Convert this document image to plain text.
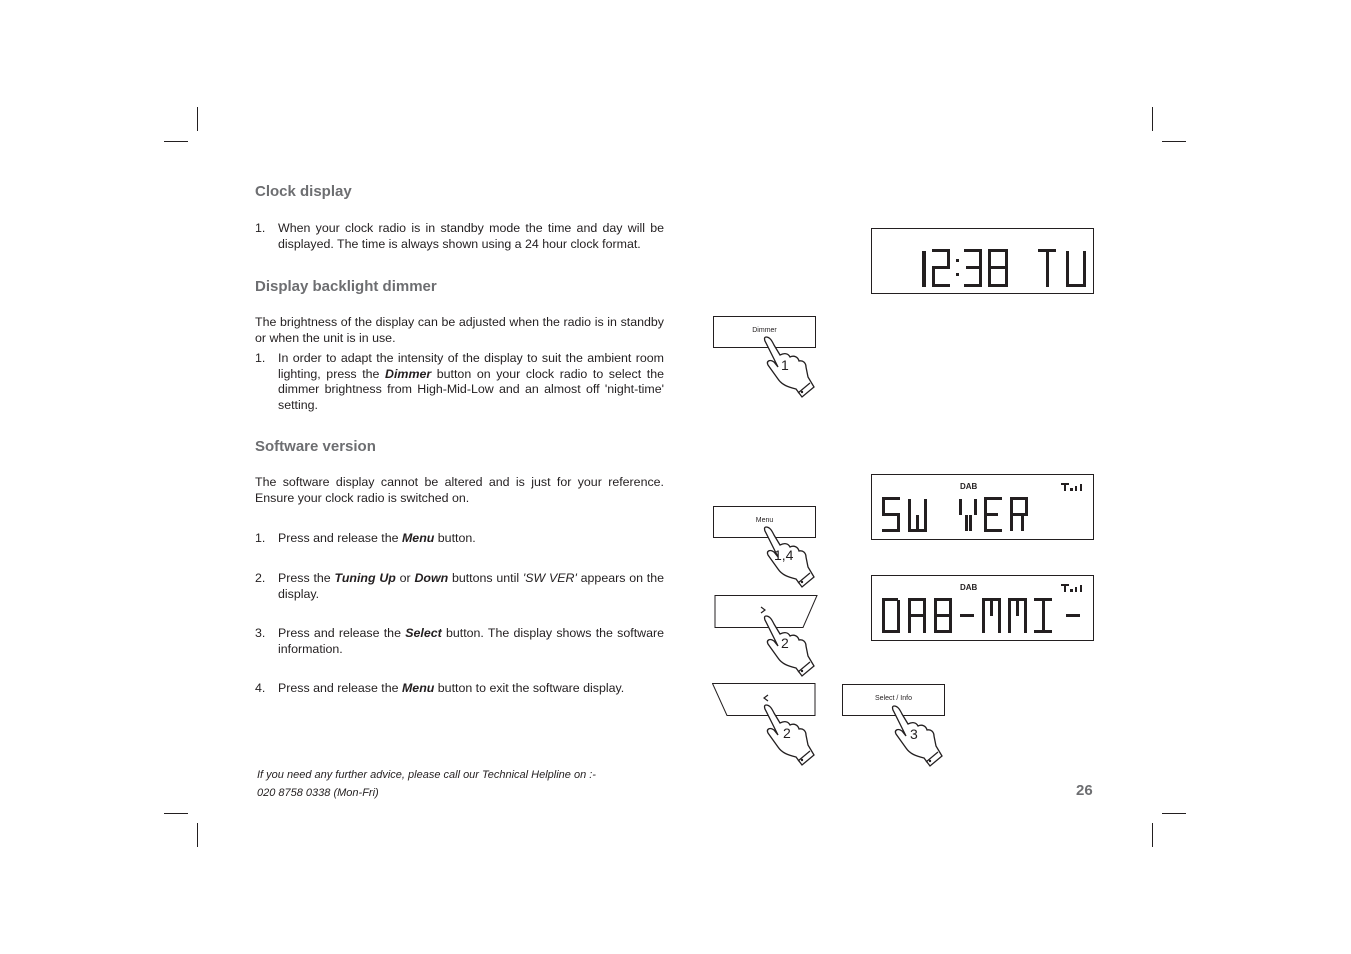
Clock display
1. When your clock radio is in standby mode the time and day will be displayed. The time is always shown using a 24 hour clock format.
Display backlight dimmer
The brightness of the display can be adjusted when the radio is in standby or when the unit is in use.
1. In order to adapt the intensity of the display to suit the ambient room lighting, press the Dimmer button on your clock radio to select the dimmer brightness from High-Mid-Low and an almost off 'night-time' setting.
Software version
The software display cannot be altered and is just for your reference. Ensure your clock radio is switched on.
1. Press and release the Menu button.
2. Press the Tuning Up or Down buttons until 'SW VER' appears on the display.
3. Press and release the Select button. The display shows the software information.
4. Press and release the Menu button to exit the software display.
If you need any further advice, please call our Technical Helpline on :-
020 8758 0338 (Mon-Fri)	26
Dimmer
1
DAB
Menu
1,4
DAB
2
2
Select / Info
3
